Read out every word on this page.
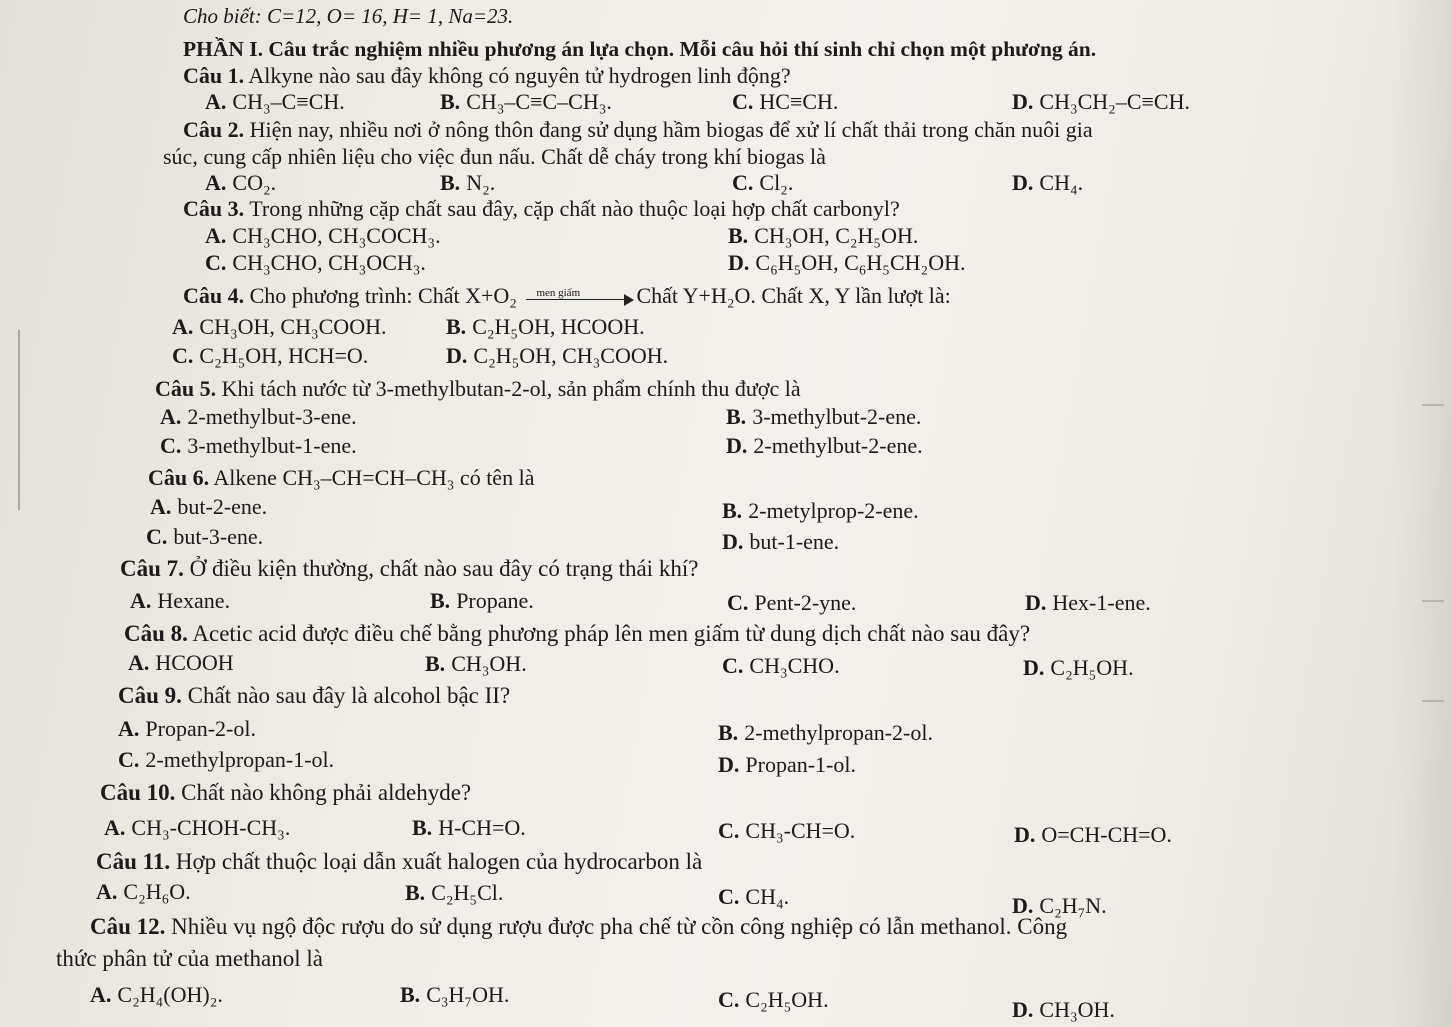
Cho biết: C=12, O= 16, H= 1, Na=23.
PHẦN I. Câu trắc nghiệm nhiều phương án lựa chọn. Mỗi câu hỏi thí sinh chỉ chọn một phương án.
Câu 1. Alkyne nào sau đây không có nguyên tử hydrogen linh động?
A. CH₃–C≡CH.	B. CH₃–C≡C–CH₃.	C. HC≡CH.	D. CH₃CH₂–C≡CH.
Câu 2. Hiện nay, nhiều nơi ở nông thôn đang sử dụng hầm biogas để xử lí chất thải trong chăn nuôi gia
súc, cung cấp nhiên liệu cho việc đun nấu. Chất dễ cháy trong khí biogas là
A. CO₂.	B. N₂.	C. Cl₂.	D. CH₄.
Câu 3. Trong những cặp chất sau đây, cặp chất nào thuộc loại hợp chất carbonyl?
A. CH₃CHO, CH₃COCH₃.	B. CH₃OH, C₂H₅OH.
C. CH₃CHO, CH₃OCH₃.	D. C₆H₅OH, C₆H₅CH₂OH.
Câu 4. Cho phương trình: Chất X+O₂ men giấm	Chất Y+H₂O. Chất X, Y lần lượt là:
A. CH₃OH, CH₃COOH.	B. C₂H₅OH, HCOOH.
C. C₂H₅OH, HCH=O.	D. C₂H₅OH, CH₃COOH.
Câu 5. Khi tách nước từ 3-methylbutan-2-ol, sản phẩm chính thu được là
A. 2-methylbut-3-ene.	B. 3-methylbut-2-ene.
C. 3-methylbut-1-ene.	D. 2-methylbut-2-ene.
Câu 6. Alkene CH₃–CH=CH–CH₃ có tên là
A. but-2-ene.	B. 2-metylprop-2-ene.
C. but-3-ene.	D. but-1-ene.
Câu 7. Ở điều kiện thường, chất nào sau đây có trạng thái khí?
A. Hexane.	B. Propane.	C. Pent-2-yne.	D. Hex-1-ene.
Câu 8. Acetic acid được điều chế bằng phương pháp lên men giấm từ dung dịch chất nào sau đây?
A. HCOOH	B. CH₃OH.	C. CH₃CHO.	D. C₂H₅OH.
Câu 9. Chất nào sau đây là alcohol bậc II?
A. Propan-2-ol.	B. 2-methylpropan-2-ol.
C. 2-methylpropan-1-ol.	D. Propan-1-ol.
Câu 10. Chất nào không phải aldehyde?
A. CH₃-CHOH-CH₃.	B. H-CH=O.	C. CH₃-CH=O.	D. O=CH-CH=O.
Câu 11. Hợp chất thuộc loại dẫn xuất halogen của hydrocarbon là
A. C₂H₆O.	B. C₂H₅Cl.	C. CH₄.	D. C₂H₇N.
Câu 12. Nhiều vụ ngộ độc rượu do sử dụng rượu được pha chế từ cồn công nghiệp có lẫn methanol. Công
thức phân tử của methanol là
A. C₂H₄(OH)₂.	B. C₃H₇OH.	C. C₂H₅OH.	D. CH₃OH.
